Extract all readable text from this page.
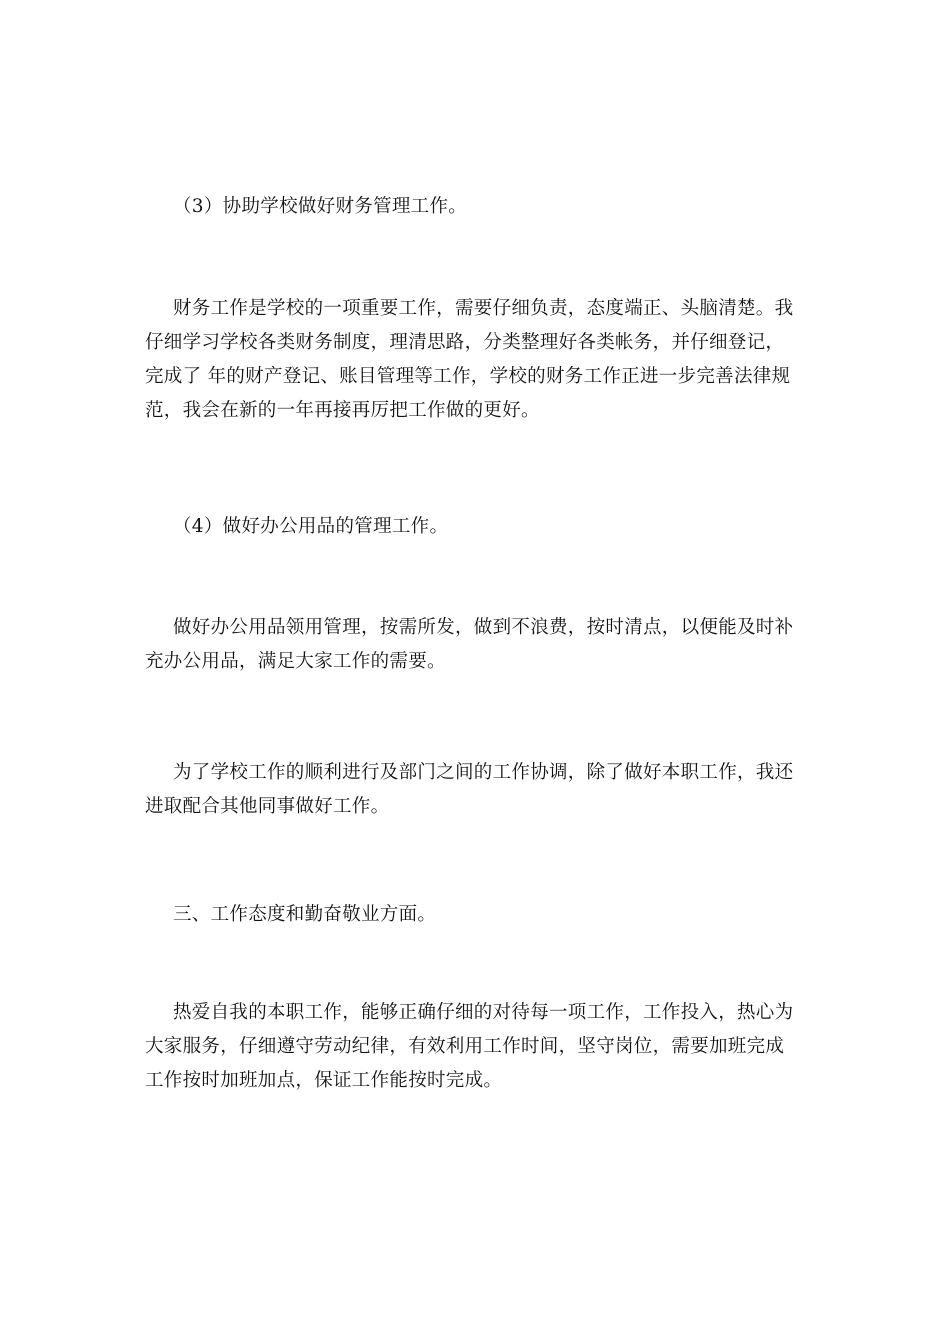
（3）协助学校做好财务管理工作。

财务工作是学校的一项重要工作，需要仔细负责，态度端正、头脑清楚。我
仔细学习学校各类财务制度，理清思路，分类整理好各类帐务，并仔细登记，
完成了 年的财产登记、账目管理等工作，学校的财务工作正进一步完善法律规
范，我会在新的一年再接再厉把工作做的更好。

（4）做好办公用品的管理工作。

做好办公用品领用管理，按需所发，做到不浪费，按时清点，以便能及时补
充办公用品，满足大家工作的需要。

为了学校工作的顺利进行及部门之间的工作协调，除了做好本职工作，我还
进取配合其他同事做好工作。

三、工作态度和勤奋敬业方面。

热爱自我的本职工作，能够正确仔细的对待每一项工作，工作投入，热心为
大家服务，仔细遵守劳动纪律，有效利用工作时间，坚守岗位，需要加班完成
工作按时加班加点，保证工作能按时完成。
